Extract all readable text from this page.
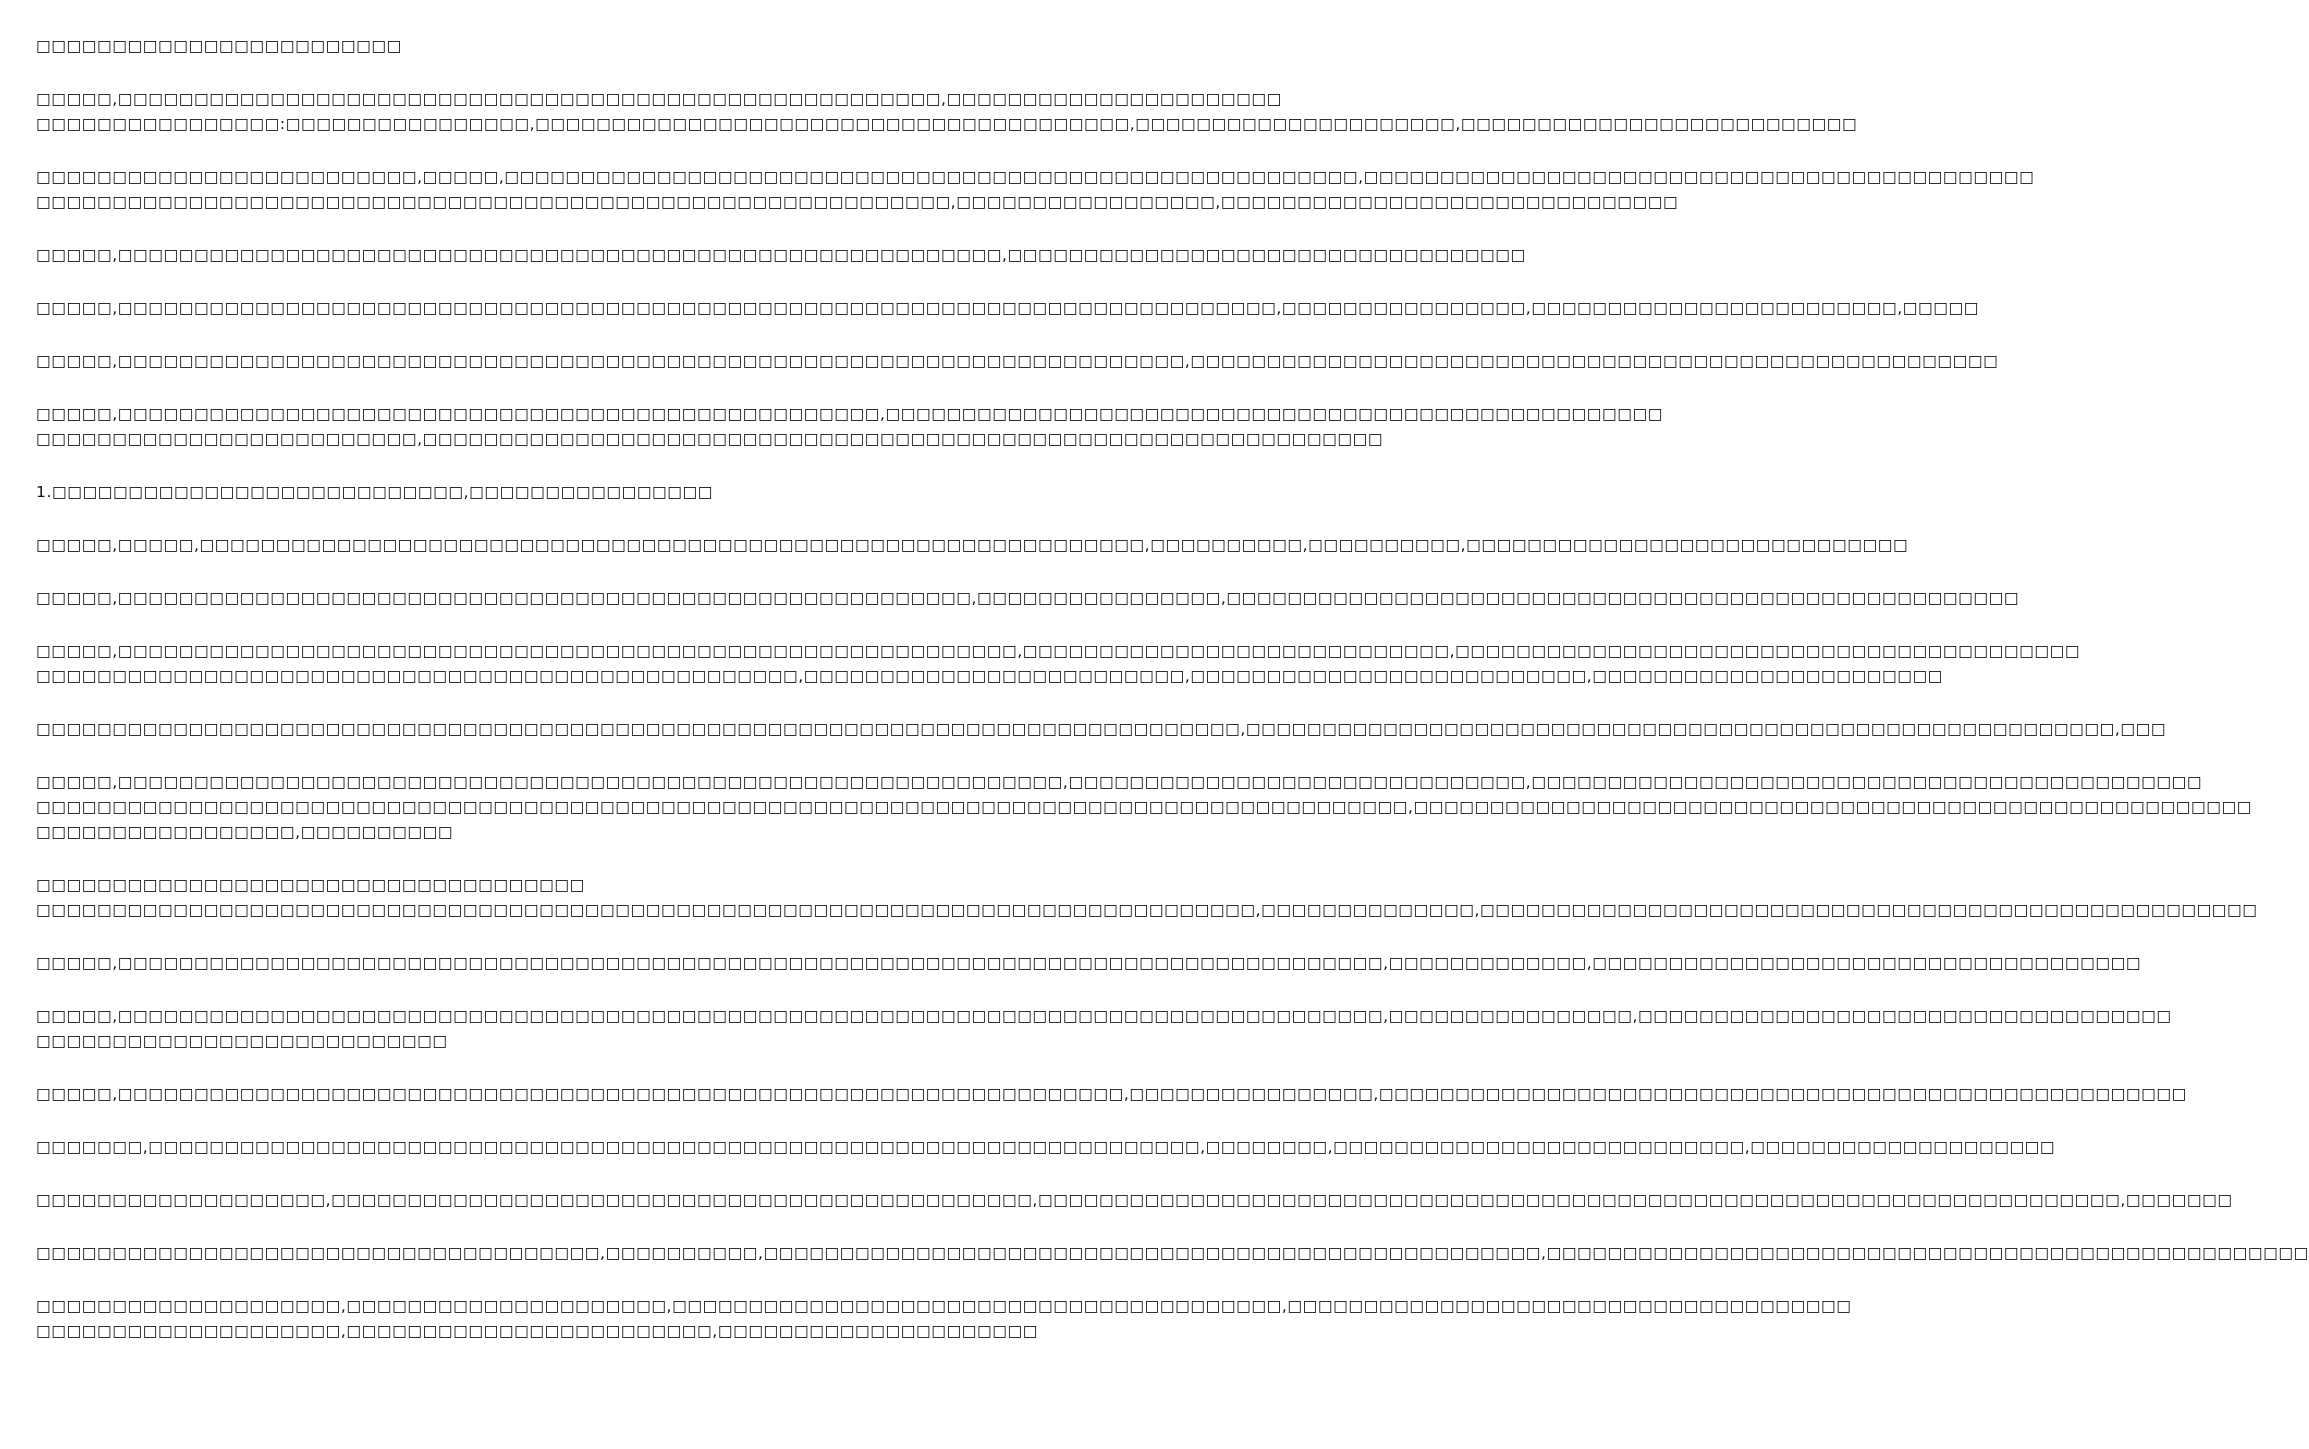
□□□□□□□□□□□□□□□□□□□□□□□□
□□□□□,□□□□□□□□□□□□□□□□□□□□□□□□□□□□□□□□□□□□□□□□□□□□□□□□□□□□□□,□□□□□□□□□□□□□□□□□□□□□□
□□□□□□□□□□□□□□□□:□□□□□□□□□□□□□□□□,□□□□□□□□□□□□□□□□□□□□□□□□□□□□□□□□□□□□□□□,□□□□□□□□□□□□□□□□□□□□□,□□□□□□□□□□□□□□□□□□□□□□□□□□
□□□□□□□□□□□□□□□□□□□□□□□□□,□□□□□,□□□□□□□□□□□□□□□□□□□□□□□□□□□□□□□□□□□□□□□□□□□□□□□□□□□□□□□□,□□□□□□□□□□□□□□□□□□□□□□□□□□□□□□□□□□□□□□□□□□□□
□□□□□□□□□□□□□□□□□□□□□□□□□□□□□□□□□□□□□□□□□□□□□□□□□□□□□□□□□□□□,□□□□□□□□□□□□□□□□□,□□□□□□□□□□□□□□□□□□□□□□□□□□□□□□
□□□□□,□□□□□□□□□□□□□□□□□□□□□□□□□□□□□□□□□□□□□□□□□□□□□□□□□□□□□□□□□□,□□□□□□□□□□□□□□□□□□□□□□□□□□□□□□□□□□
□□□□□,□□□□□□□□□□□□□□□□□□□□□□□□□□□□□□□□□□□□□□□□□□□□□□□□□□□□□□□□□□□□□□□□□□□□□□□□□□□□,□□□□□□□□□□□□□□□□,□□□□□□□□□□□□□□□□□□□□□□□□,□□□□□
□□□□□,□□□□□□□□□□□□□□□□□□□□□□□□□□□□□□□□□□□□□□□□□□□□□□□□□□□□□□□□□□□□□□□□□□□□□□,□□□□□□□□□□□□□□□□□□□□□□□□□□□□□□□□□□□□□□□□□□□□□□□□□□□□□
□□□□□,□□□□□□□□□□□□□□□□□□□□□□□□□□□□□□□□□□□□□□□□□□□□□□□□□□,□□□□□□□□□□□□□□□□□□□□□□□□□□□□□□□□□□□□□□□□□□□□□□□□□□□
□□□□□□□□□□□□□□□□□□□□□□□□□,□□□□□□□□□□□□□□□□□□□□□□□□□□□□□□□□□□□□□□□□□□□□□□□□□□□□□□□□□□□□□□□
1.□□□□□□□□□□□□□□□□□□□□□□□□□□□,□□□□□□□□□□□□□□□□
□□□□□,□□□□□,□□□□□□□□□□□□□□□□□□□□□□□□□□□□□□□□□□□□□□□□□□□□□□□□□□□□□□□□□□□□□□,□□□□□□□□□□,□□□□□□□□□□,□□□□□□□□□□□□□□□□□□□□□□□□□□□□□
□□□□□,□□□□□□□□□□□□□□□□□□□□□□□□□□□□□□□□□□□□□□□□□□□□□□□□□□□□□□□□,□□□□□□□□□□□□□□□□,□□□□□□□□□□□□□□□□□□□□□□□□□□□□□□□□□□□□□□□□□□□□□□□□□□□□
□□□□□,□□□□□□□□□□□□□□□□□□□□□□□□□□□□□□□□□□□□□□□□□□□□□□□□□□□□□□□□□□□,□□□□□□□□□□□□□□□□□□□□□□□□□□□□,□□□□□□□□□□□□□□□□□□□□□□□□□□□□□□□□□□□□□□□□□
□□□□□□□□□□□□□□□□□□□□□□□□□□□□□□□□□□□□□□□□□□□□□□□□□□,□□□□□□□□□□□□□□□□□□□□□□□□□,□□□□□□□□□□□□□□□□□□□□□□□□□□,□□□□□□□□□□□□□□□□□□□□□□□
□□□□□□□□□□□□□□□□□□□□□□□□□□□□□□□□□□□□□□□□□□□□□□□□□□□□□□□□□□□□□□□□□□□□□□□□□□□□□□□,□□□□□□□□□□□□□□□□□□□□□□□□□□□□□□□□□□□□□□□□□□□□□□□□□□□□□□□□□,□□□
□□□□□,□□□□□□□□□□□□□□□□□□□□□□□□□□□□□□□□□□□□□□□□□□□□□□□□□□□□□□□□□□□□□□,□□□□□□□□□□□□□□□□□□□□□□□□□□□□□□,□□□□□□□□□□□□□□□□□□□□□□□□□□□□□□□□□□□□□□□□□□□□
□□□□□□□□□□□□□□□□□□□□□□□□□□□□□□□□□□□□□□□□□□□□□□□□□□□□□□□□□□□□□□□□□□□□□□□□□□□□□□□□□□□□□□□□□□,□□□□□□□□□□□□□□□□□□□□□□□□□□□□□□□□□□□□□□□□□□□□□□□□□□□□□□□
□□□□□□□□□□□□□□□□□,□□□□□□□□□□
□□□□□□□□□□□□□□□□□□□□□□□□□□□□□□□□□□□□
□□□□□□□□□□□□□□□□□□□□□□□□□□□□□□□□□□□□□□□□□□□□□□□□□□□□□□□□□□□□□□□□□□□□□□□□□□□□□□□□,□□□□□□□□□□□□□□,□□□□□□□□□□□□□□□□□□□□□□□□□□□□□□□□□□□□□□□□□□□□□□□□□□□
□□□□□,□□□□□□□□□□□□□□□□□□□□□□□□□□□□□□□□□□□□□□□□□□□□□□□□□□□□□□□□□□□□□□□□□□□□□□□□□□□□□□□□□□□,□□□□□□□□□□□□□,□□□□□□□□□□□□□□□□□□□□□□□□□□□□□□□□□□□□
□□□□□,□□□□□□□□□□□□□□□□□□□□□□□□□□□□□□□□□□□□□□□□□□□□□□□□□□□□□□□□□□□□□□□□□□□□□□□□□□□□□□□□□□□,□□□□□□□□□□□□□□□□,□□□□□□□□□□□□□□□□□□□□□□□□□□□□□□□□□□□
□□□□□□□□□□□□□□□□□□□□□□□□□□□
□□□□□,□□□□□□□□□□□□□□□□□□□□□□□□□□□□□□□□□□□□□□□□□□□□□□□□□□□□□□□□□□□□□□□□□□,□□□□□□□□□□□□□□□□,□□□□□□□□□□□□□□□□□□□□□□□□□□□□□□□□□□□□□□□□□□□□□□□□□□□□□
□□□□□□□,□□□□□□□□□□□□□□□□□□□□□□□□□□□□□□□□□□□□□□□□□□□□□□□□□□□□□□□□□□□□□□□□□□□□□,□□□□□□□□,□□□□□□□□□□□□□□□□□□□□□□□□□□□,□□□□□□□□□□□□□□□□□□□□
□□□□□□□□□□□□□□□□□□□,□□□□□□□□□□□□□□□□□□□□□□□□□□□□□□□□□□□□□□□□□□□□□□,□□□□□□□□□□□□□□□□□□□□□□□□□□□□□□□□□□□□□□□□□□□□□□□□□□□□□□□□□□□□□□□□□□□□□□□,□□□□□□□
□□□□□□□□□□□□□□□□□□□□□□□□□□□□□□□□□□□□□,□□□□□□□□□□,□□□□□□□□□□□□□□□□□□□□□□□□□□□□□□□□□□□□□□□□□□□□□□□□□□□,□□□□□□□□□□□□□□□□□□□□□□□□□□□□□□□□□□□□□□□□□□□□□□□□□□
□□□□□□□□□□□□□□□□□□□□,□□□□□□□□□□□□□□□□□□□□□,□□□□□□□□□□□□□□□□□□□□□□□□□□□□□□□□□□□□□□□□,□□□□□□□□□□□□□□□□□□□□□□□□□□□□□□□□□□□□□
□□□□□□□□□□□□□□□□□□□□,□□□□□□□□□□□□□□□□□□□□□□□□,□□□□□□□□□□□□□□□□□□□□□
